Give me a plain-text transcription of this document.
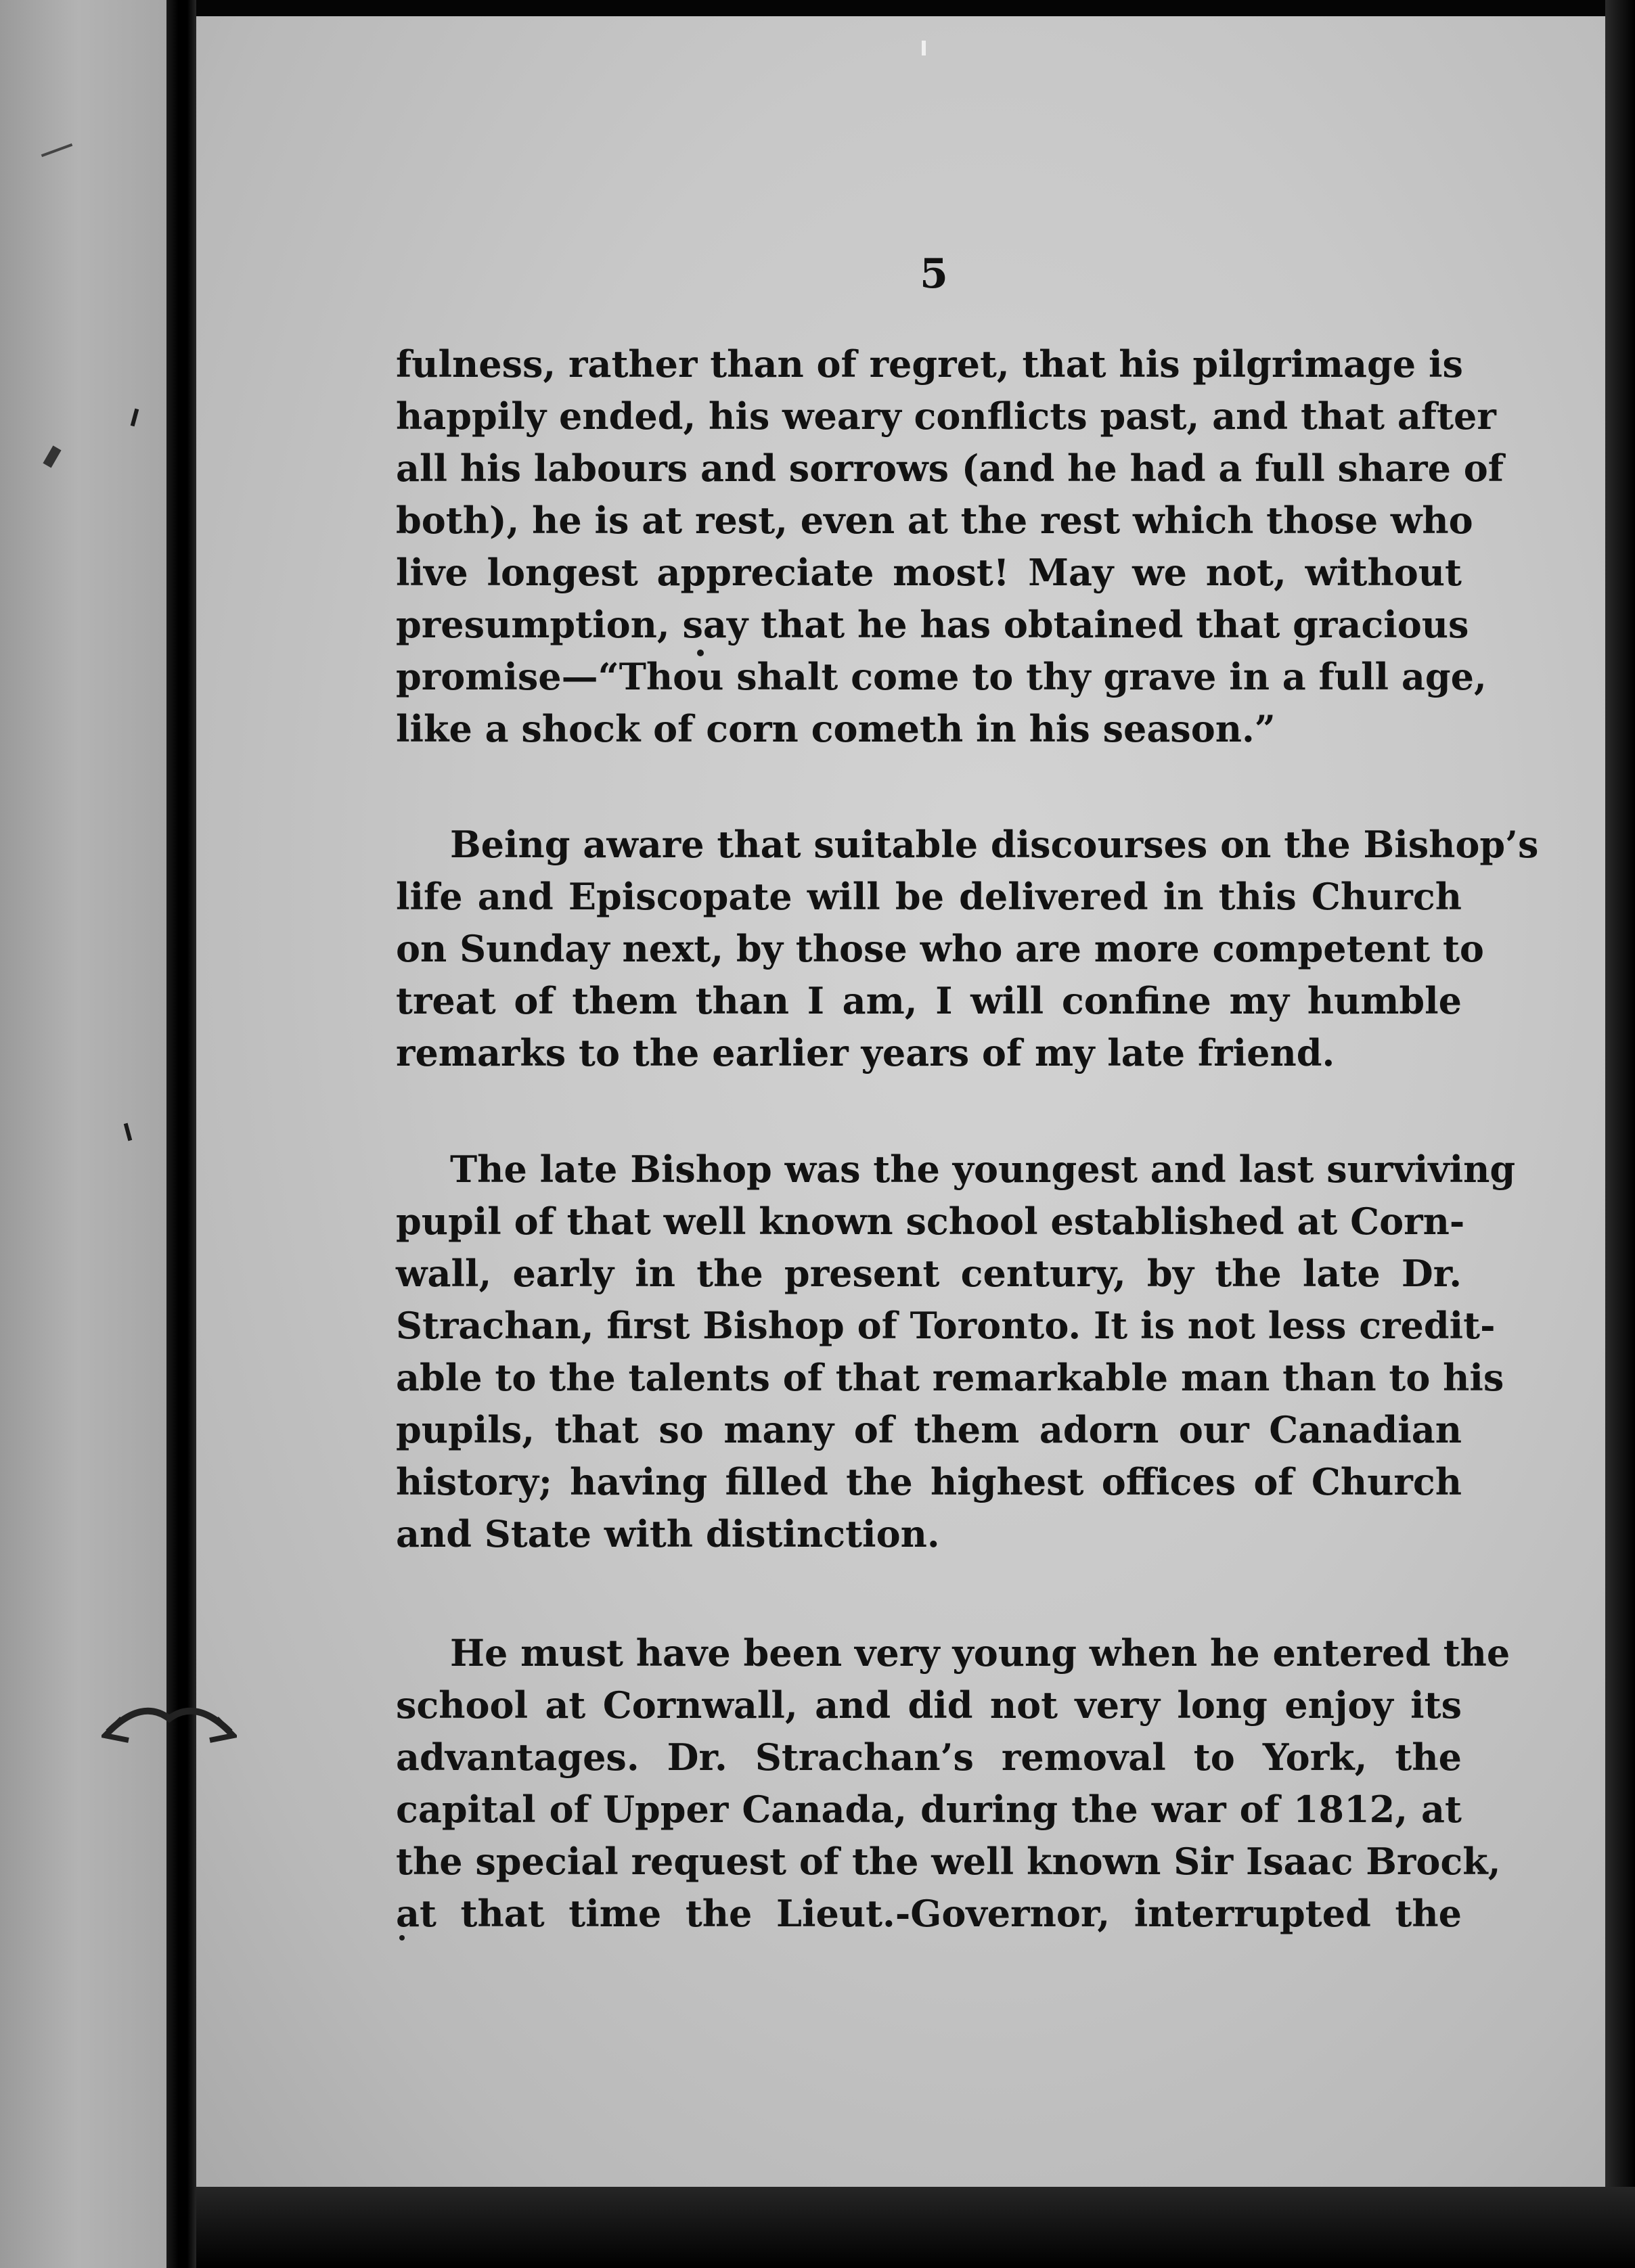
5
fulness, rather than of regret, that his pilgrimage is
happily ended, his weary conflicts past, and that after
all his labours and sorrows (and he had a full share of
both), he is at rest, even at the rest which those who
live longest appreciate most! May we not, without
presumption, say that he has obtained that gracious
promise—“Thou shalt come to thy grave in a full age,
like a shock of corn cometh in his season.”
Being aware that suitable discourses on the Bishop’s
life and Episcopate will be delivered in this Church
on Sunday next, by those who are more competent to
treat of them than I am, I will confine my humble
remarks to the earlier years of my late friend.
The late Bishop was the youngest and last surviving
pupil of that well known school established at Corn-
wall, early in the present century, by the late Dr.
Strachan, first Bishop of Toronto. It is not less credit-
able to the talents of that remarkable man than to his
pupils, that so many of them adorn our Canadian
history; having filled the highest offices of Church
and State with distinction.
He must have been very young when he entered the
school at Cornwall, and did not very long enjoy its
advantages. Dr. Strachan’s removal to York, the
capital of Upper Canada, during the war of 1812, at
the special request of the well known Sir Isaac Brock,
at that time the Lieut.-Governor, interrupted the
